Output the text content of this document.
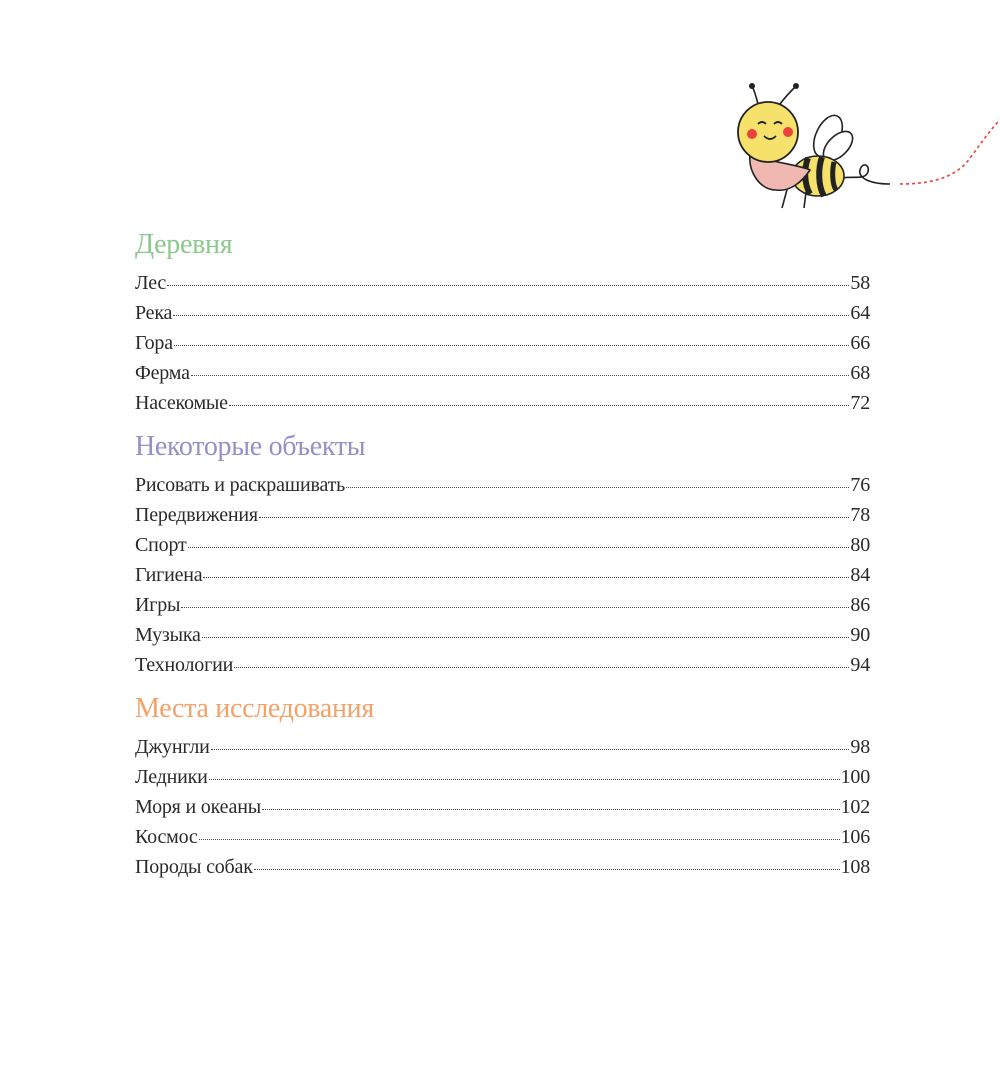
Деревня
Лес	58
Река	64
Гора	66
Ферма	68
Насекомые	72
Некоторые объекты
Рисовать и раскрашивать	76
Передвижения	78
Спорт	80
Гигиена	84
Игры	86
Музыка	90
Технологии	94
Места исследования
Джунгли	98
Ледники	100
Моря и океаны	102
Космос	106
Породы собак	108
